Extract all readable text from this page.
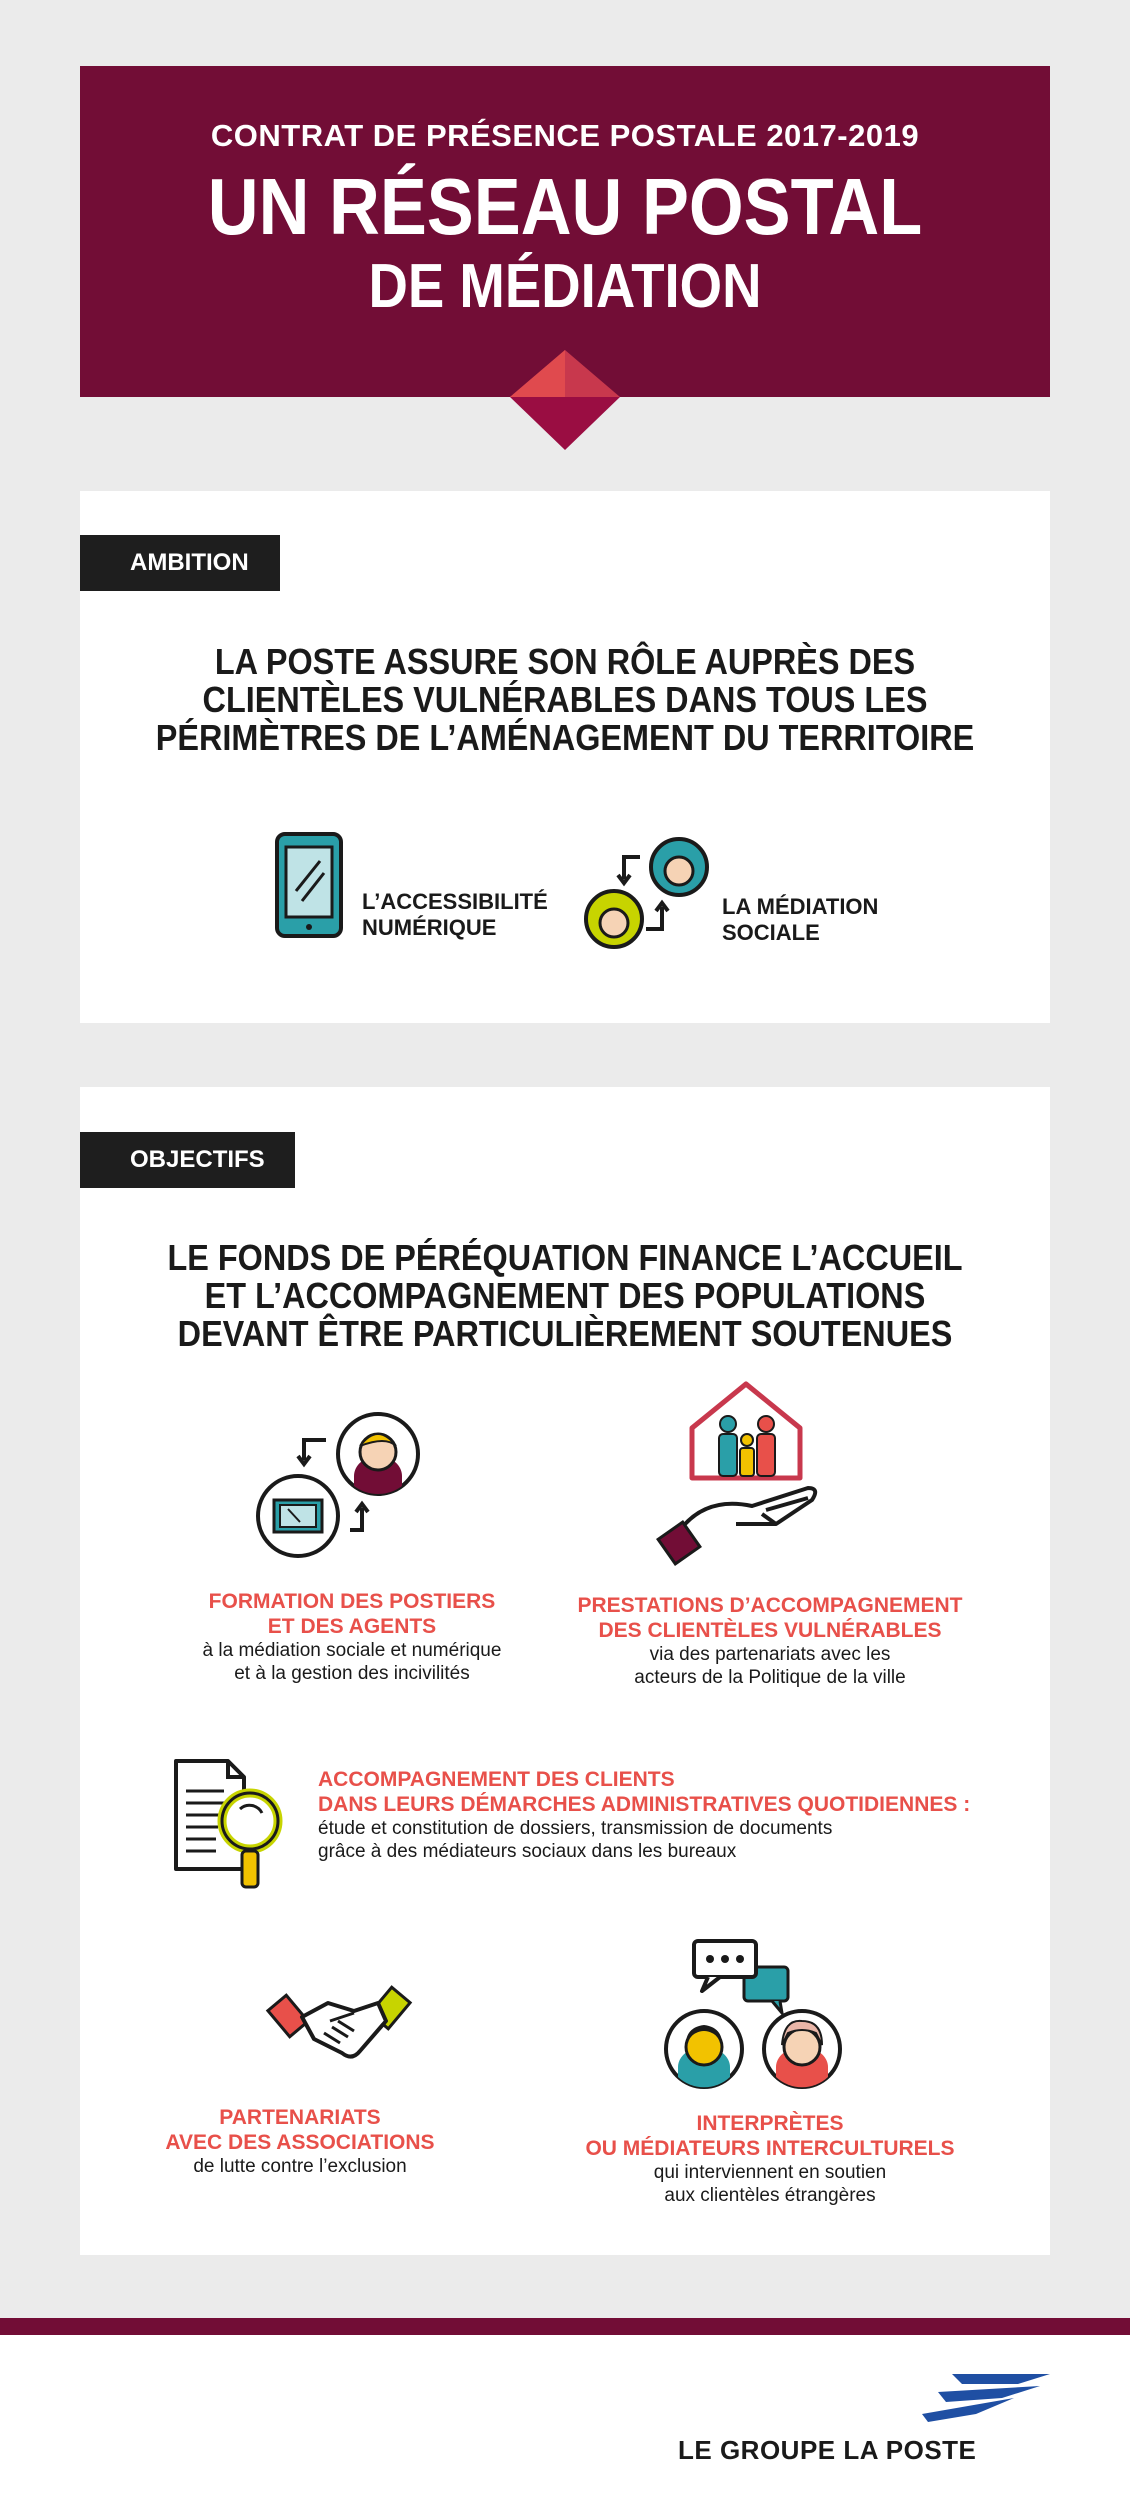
CONTRAT DE PRÉSENCE POSTALE 2017-2019
UN RÉSEAU POSTAL
DE MÉDIATION
AMBITION
LA POSTE ASSURE SON RÔLE AUPRÈS DES
CLIENTÈLES VULNÉRABLES DANS TOUS LES
PÉRIMÈTRES DE L’AMÉNAGEMENT DU TERRITOIRE
L’ACCESSIBILITÉ
NUMÉRIQUE
LA MÉDIATION
SOCIALE
OBJECTIFS
LE FONDS DE PÉRÉQUATION FINANCE L’ACCUEIL
ET L’ACCOMPAGNEMENT DES POPULATIONS
DEVANT ÊTRE PARTICULIÈREMENT SOUTENUES
FORMATION DES POSTIERS
ET DES AGENTS
à la médiation sociale et numérique
et à la gestion des incivilités
PRESTATIONS D’ACCOMPAGNEMENT
DES CLIENTÈLES VULNÉRABLES
via des partenariats avec les
acteurs de la Politique de la ville
ACCOMPAGNEMENT DES CLIENTS
DANS LEURS DÉMARCHES ADMINISTRATIVES QUOTIDIENNES :
étude et constitution de dossiers, transmission de documents
grâce à des médiateurs sociaux dans les bureaux
PARTENARIATS
AVEC DES ASSOCIATIONS
de lutte contre l’exclusion
INTERPRÈTES
OU MÉDIATEURS INTERCULTURELS
qui interviennent en soutien
aux clientèles étrangères
LE GROUPE LA POSTE
